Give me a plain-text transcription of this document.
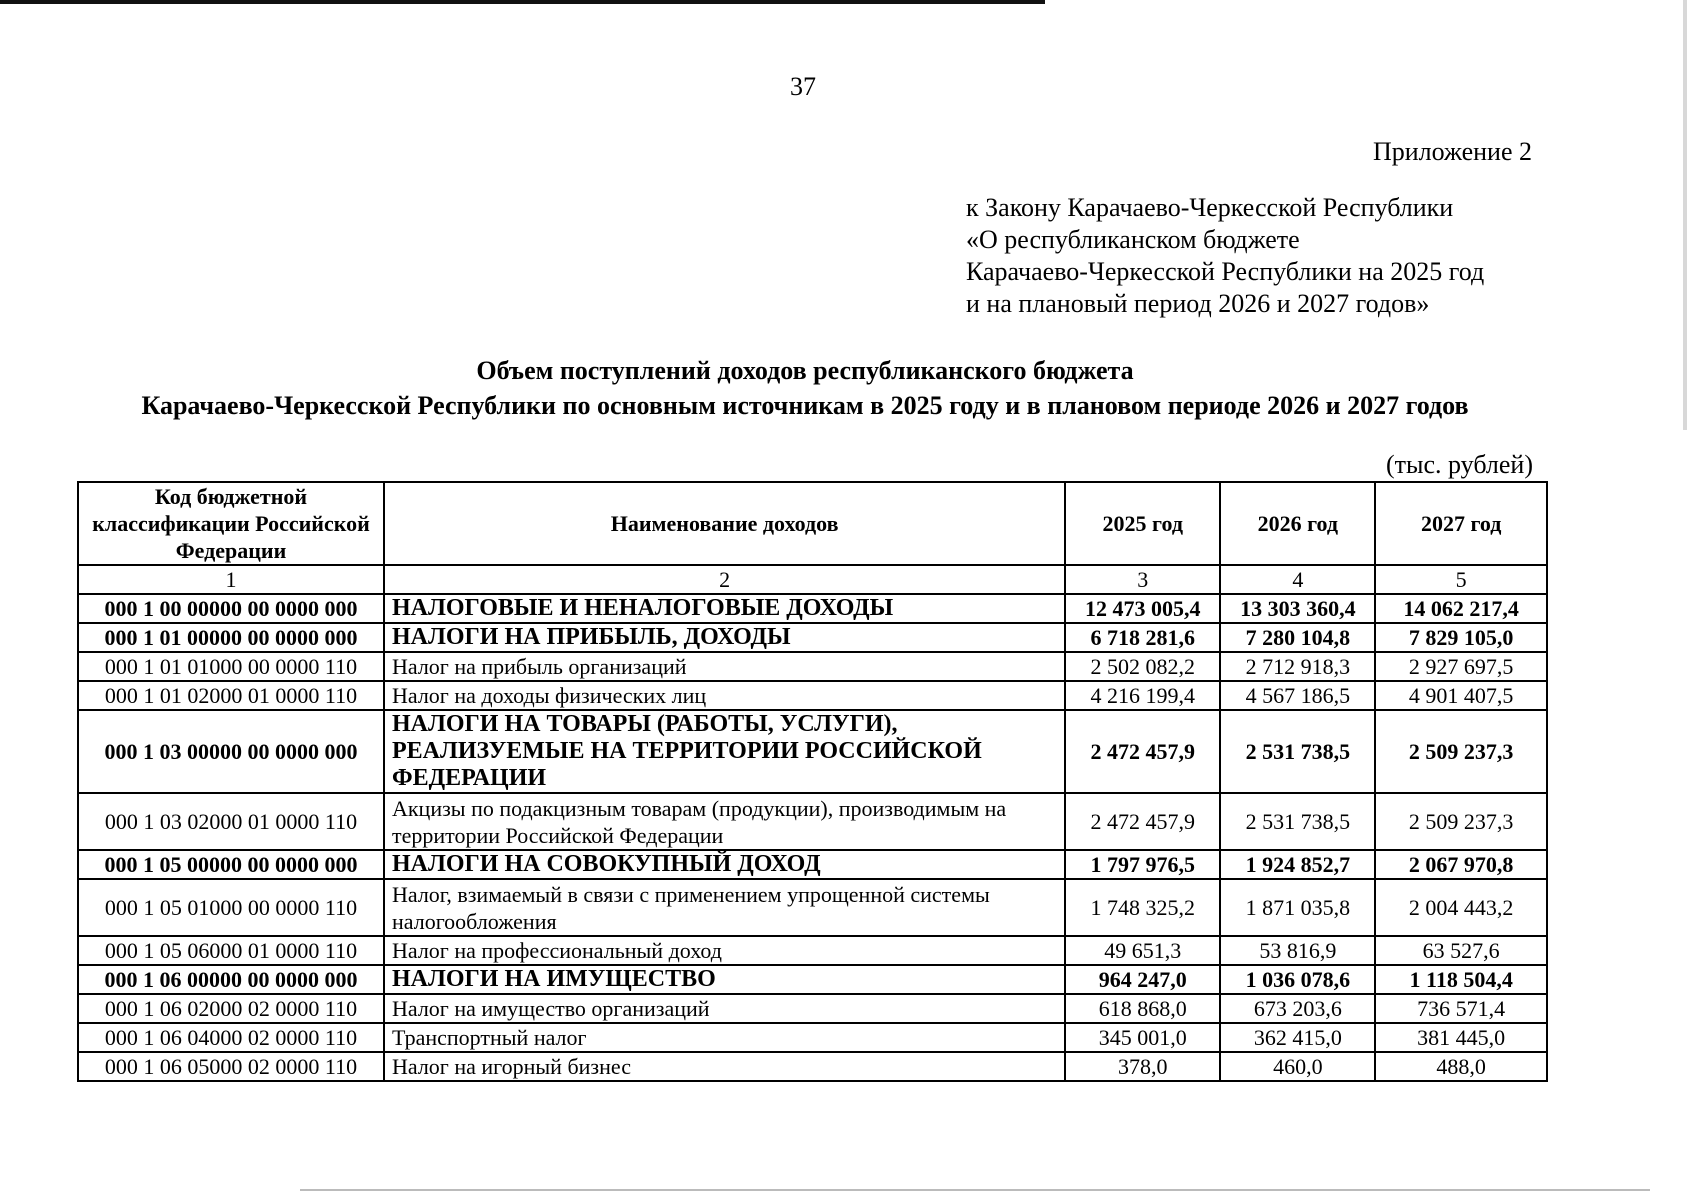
37
Приложение 2
к Закону Карачаево-Черкесской Республики
«О республиканском бюджете
Карачаево-Черкесской Республики на 2025 год
и на плановый период 2026 и 2027 годов»
Объем поступлений доходов республиканского бюджета
Карачаево-Черкесской Республики по основным источникам в 2025 году и в плановом периоде 2026 и 2027 годов
(тыс. рублей)
Код бюджетной классификации Российской Федерации	Наименование доходов	2025 год	2026 год	2027 год
1	2	3	4	5
000 1 00 00000 00 0000 000	НАЛОГОВЫЕ И НЕНАЛОГОВЫЕ ДОХОДЫ	12 473 005,4	13 303 360,4	14 062 217,4
000 1 01 00000 00 0000 000	НАЛОГИ НА ПРИБЫЛЬ, ДОХОДЫ	6 718 281,6	7 280 104,8	7 829 105,0
000 1 01 01000 00 0000 110	Налог на прибыль организаций	2 502 082,2	2 712 918,3	2 927 697,5
000 1 01 02000 01 0000 110	Налог на доходы физических лиц	4 216 199,4	4 567 186,5	4 901 407,5
000 1 03 00000 00 0000 000	НАЛОГИ НА ТОВАРЫ (РАБОТЫ, УСЛУГИ), РЕАЛИЗУЕМЫЕ НА ТЕРРИТОРИИ РОССИЙСКОЙ ФЕДЕРАЦИИ	2 472 457,9	2 531 738,5	2 509 237,3
000 1 03 02000 01 0000 110	Акцизы по подакцизным товарам (продукции), производимым на территории Российской Федерации	2 472 457,9	2 531 738,5	2 509 237,3
000 1 05 00000 00 0000 000	НАЛОГИ НА СОВОКУПНЫЙ ДОХОД	1 797 976,5	1 924 852,7	2 067 970,8
000 1 05 01000 00 0000 110	Налог, взимаемый в связи с применением упрощенной системы налогообложения	1 748 325,2	1 871 035,8	2 004 443,2
000 1 05 06000 01 0000 110	Налог на профессиональный доход	49 651,3	53 816,9	63 527,6
000 1 06 00000 00 0000 000	НАЛОГИ НА ИМУЩЕСТВО	964 247,0	1 036 078,6	1 118 504,4
000 1 06 02000 02 0000 110	Налог на имущество организаций	618 868,0	673 203,6	736 571,4
000 1 06 04000 02 0000 110	Транспортный налог	345 001,0	362 415,0	381 445,0
000 1 06 05000 02 0000 110	Налог на игорный бизнес	378,0	460,0	488,0
